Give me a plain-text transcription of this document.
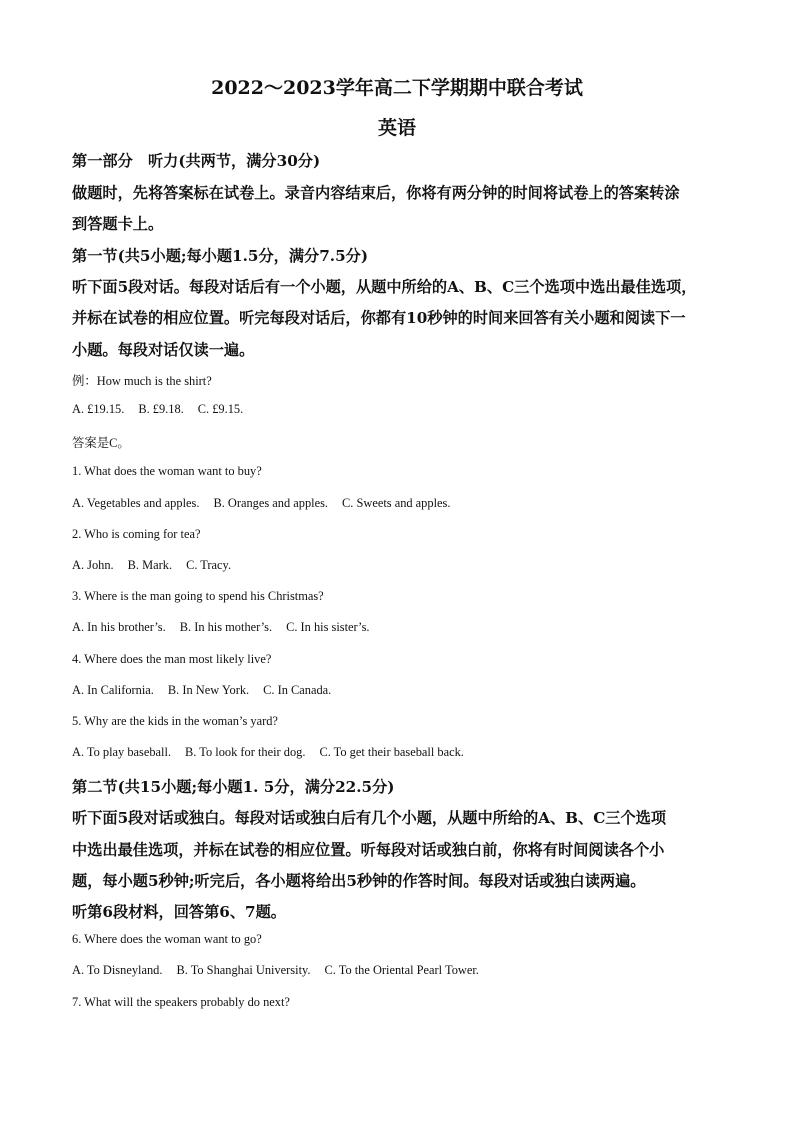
2022～2023学年高二下学期期中联合考试
英语
第一部分　听力(共两节，满分30分)
做题时，先将答案标在试卷上。录音内容结束后，你将有两分钟的时间将试卷上的答案转涂
到答题卡上。
第一节(共5小题;每小题1.5分，满分7.5分)
听下面5段对话。每段对话后有一个小题，从题中所给的A、B、C三个选项中选出最佳选项，
并标在试卷的相应位置。听完每段对话后，你都有10秒钟的时间来回答有关小题和阅读下一
小题。每段对话仅读一遍。
例：How much is the shirt?
A. £19.15. B. £9.18. C. £9.15.
答案是C。
1. What does the woman want to buy?
A. Vegetables and apples. B. Oranges and apples. C. Sweets and apples.
2. Who is coming for tea?
A. John. B. Mark. C. Tracy.
3. Where is the man going to spend his Christmas?
A. In his brother’s. B. In his mother’s. C. In his sister’s.
4. Where does the man most likely live?
A. In California. B. In New York. C. In Canada.
5. Why are the kids in the woman’s yard?
A. To play baseball. B. To look for their dog. C. To get their baseball back.
第二节(共15小题;每小题1. 5分，满分22.5分)
听下面5段对话或独白。每段对话或独白后有几个小题，从题中所给的A、B、C三个选项
中选出最佳选项，并标在试卷的相应位置。听每段对话或独白前，你将有时间阅读各个小
题，每小题5秒钟;听完后，各小题将给出5秒钟的作答时间。每段对话或独白读两遍。
听第6段材料，回答第6、7题。
6. Where does the woman want to go?
A. To Disneyland. B. To Shanghai University. C. To the Oriental Pearl Tower.
7. What will the speakers probably do next?
